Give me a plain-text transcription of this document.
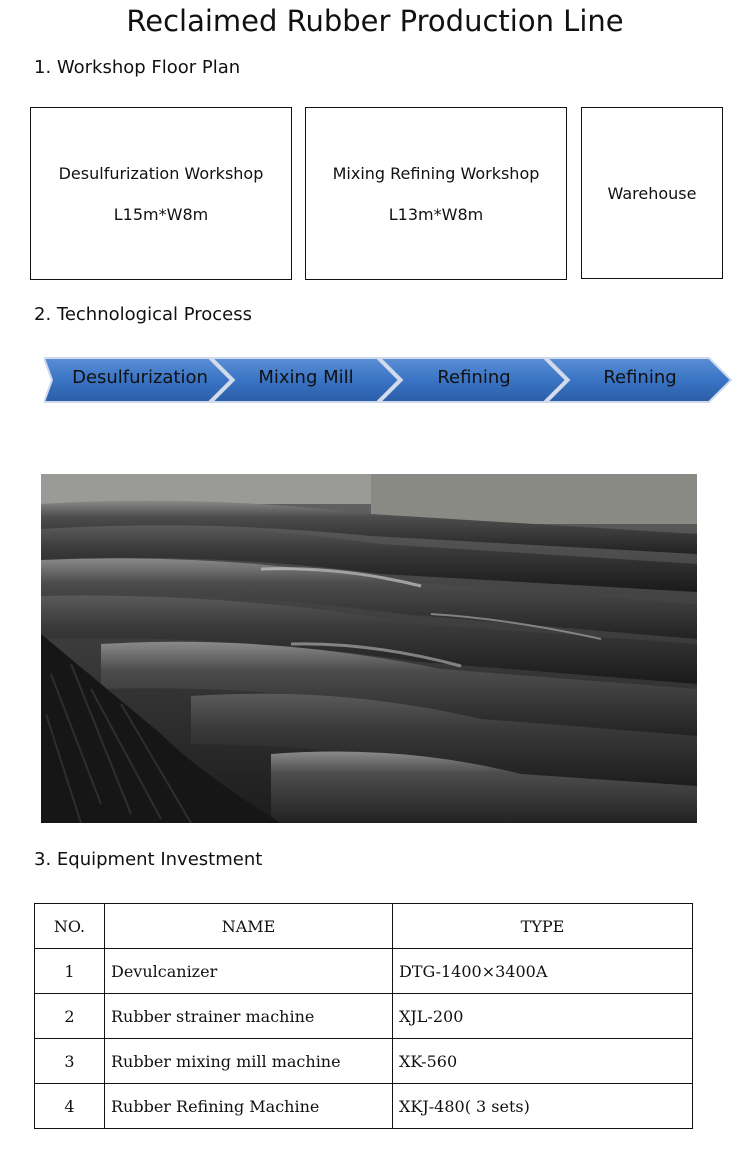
Reclaimed Rubber Production Line
1. Workshop Floor Plan
Desulfurization Workshop
L15m*W8m
Mixing Refining Workshop
L13m*W8m
Warehouse
2. Technological Process
Desulfurization	Mixing Mill	Refining	Refining
3. Equipment Investment
NO.	NAME	TYPE
1	Devulcanizer	DTG-1400×3400A
2	Rubber strainer machine	XJL-200
3	Rubber mixing mill machine	XK-560
4	Rubber Refining Machine	XKJ-480( 3 sets)
